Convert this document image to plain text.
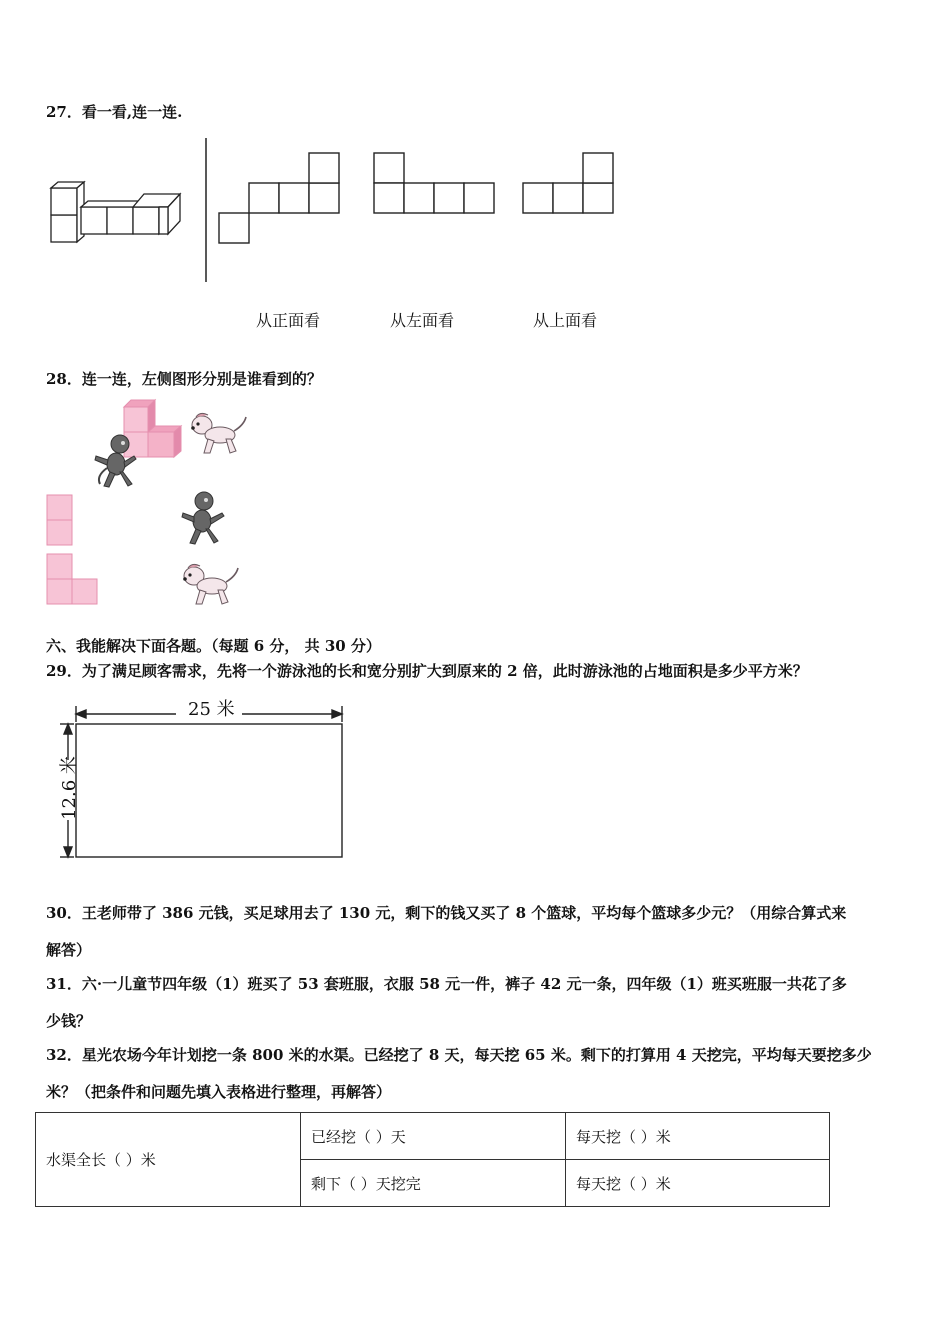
27．看一看,连一连.
从正面看	从左面看	从上面看
28．连一连，左侧图形分别是谁看到的？
六、我能解决下面各题。（每题 6 分， 共 30 分）
29．为了满足顾客需求，先将一个游泳池的长和宽分别扩大到原来的 2 倍，此时游泳池的占地面积是多少平方米？
25 米
12.6 米
30．王老师带了 386 元钱，买足球用去了 130 元，剩下的钱又买了 8 个篮球，平均每个篮球多少元？（用综合算式来
解答）
31．六·一儿童节四年级（1）班买了 53 套班服，衣服 58 元一件，裤子 42 元一条，四年级（1）班买班服一共花了多
少钱？
32．星光农场今年计划挖一条 800 米的水渠。已经挖了 8 天，每天挖 65 米。剩下的打算用 4 天挖完，平均每天要挖多少
米？（把条件和问题先填入表格进行整理，再解答）
水渠全长（ ）米	已经挖（ ）天	每天挖（ ）米
	剩下（ ）天挖完	每天挖（ ）米
